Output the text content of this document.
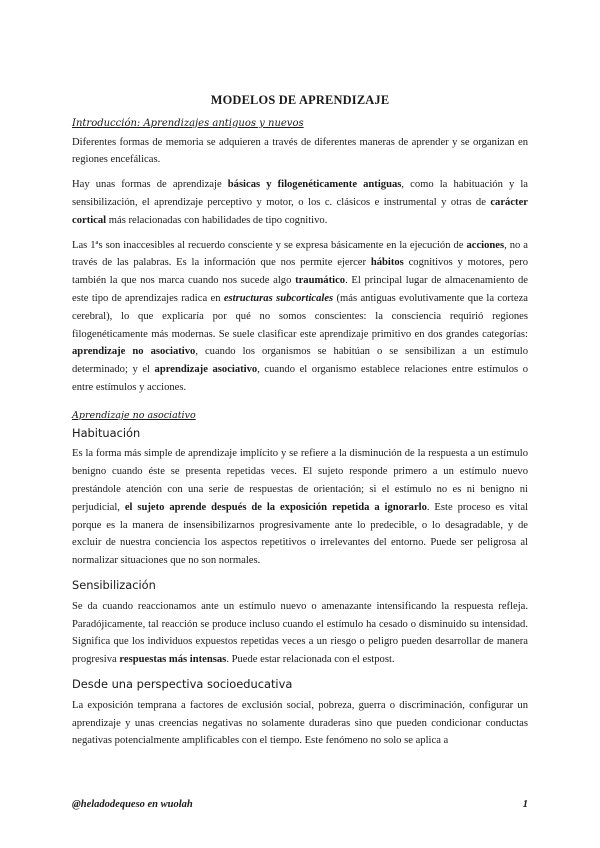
MODELOS DE APRENDIZAJE
Introducción: Aprendizajes antiguos y nuevos

Diferentes formas de memoria se adquieren a través de diferentes maneras de aprender y se organizan en regiones encefálicas.

Hay unas formas de aprendizaje básicas y filogenéticamente antiguas, como la habituación y la sensibilización, el aprendizaje perceptivo y motor, o los c. clásicos e instrumental y otras de carácter cortical más relacionadas con habilidades de tipo cognitivo.

Las 1ªs son inaccesibles al recuerdo consciente y se expresa básicamente en la ejecución de acciones, no a través de las palabras. Es la información que nos permite ejercer hábitos cognitivos y motores, pero también la que nos marca cuando nos sucede algo traumático. El principal lugar de almacenamiento de este tipo de aprendizajes radica en estructuras subcorticales (más antiguas evolutivamente que la corteza cerebral), lo que explicaría por qué no somos conscientes: la consciencia requirió regiones filogenéticamente más modernas. Se suele clasificar este aprendizaje primitivo en dos grandes categorías: aprendizaje no asociativo, cuando los organismos se habitúan o se sensibilizan a un estímulo determinado; y el aprendizaje asociativo, cuando el organismo establece relaciones entre estímulos o entre estímulos y acciones.

Aprendizaje no asociativo
Habituación

Es la forma más simple de aprendizaje implícito y se refiere a la disminución de la respuesta a un estímulo benigno cuando éste se presenta repetidas veces. El sujeto responde primero a un estímulo nuevo prestándole atención con una serie de respuestas de orientación; si el estímulo no es ni benigno ni perjudicial, el sujeto aprende después de la exposición repetida a ignorarlo. Este proceso es vital porque es la manera de insensibilizarnos progresivamente ante lo predecible, o lo desagradable, y de excluir de nuestra conciencia los aspectos repetitivos o irrelevantes del entorno. Puede ser peligrosa al normalizar situaciones que no son normales.

Sensibilización

Se da cuando reaccionamos ante un estímulo nuevo o amenazante intensificando la respuesta refleja. Paradójicamente, tal reacción se produce incluso cuando el estímulo ha cesado o disminuido su intensidad. Significa que los individuos expuestos repetidas veces a un riesgo o peligro pueden desarrollar de manera progresiva respuestas más intensas. Puede estar relacionada con el estpost.

Desde una perspectiva socioeducativa

La exposición temprana a factores de exclusión social, pobreza, guerra o discriminación, configurar un aprendizaje y unas creencias negativas no solamente duraderas sino que pueden condicionar conductas negativas potencialmente amplificables con el tiempo. Este fenómeno no solo se aplica a

@heladodequeso en wuolah	1
